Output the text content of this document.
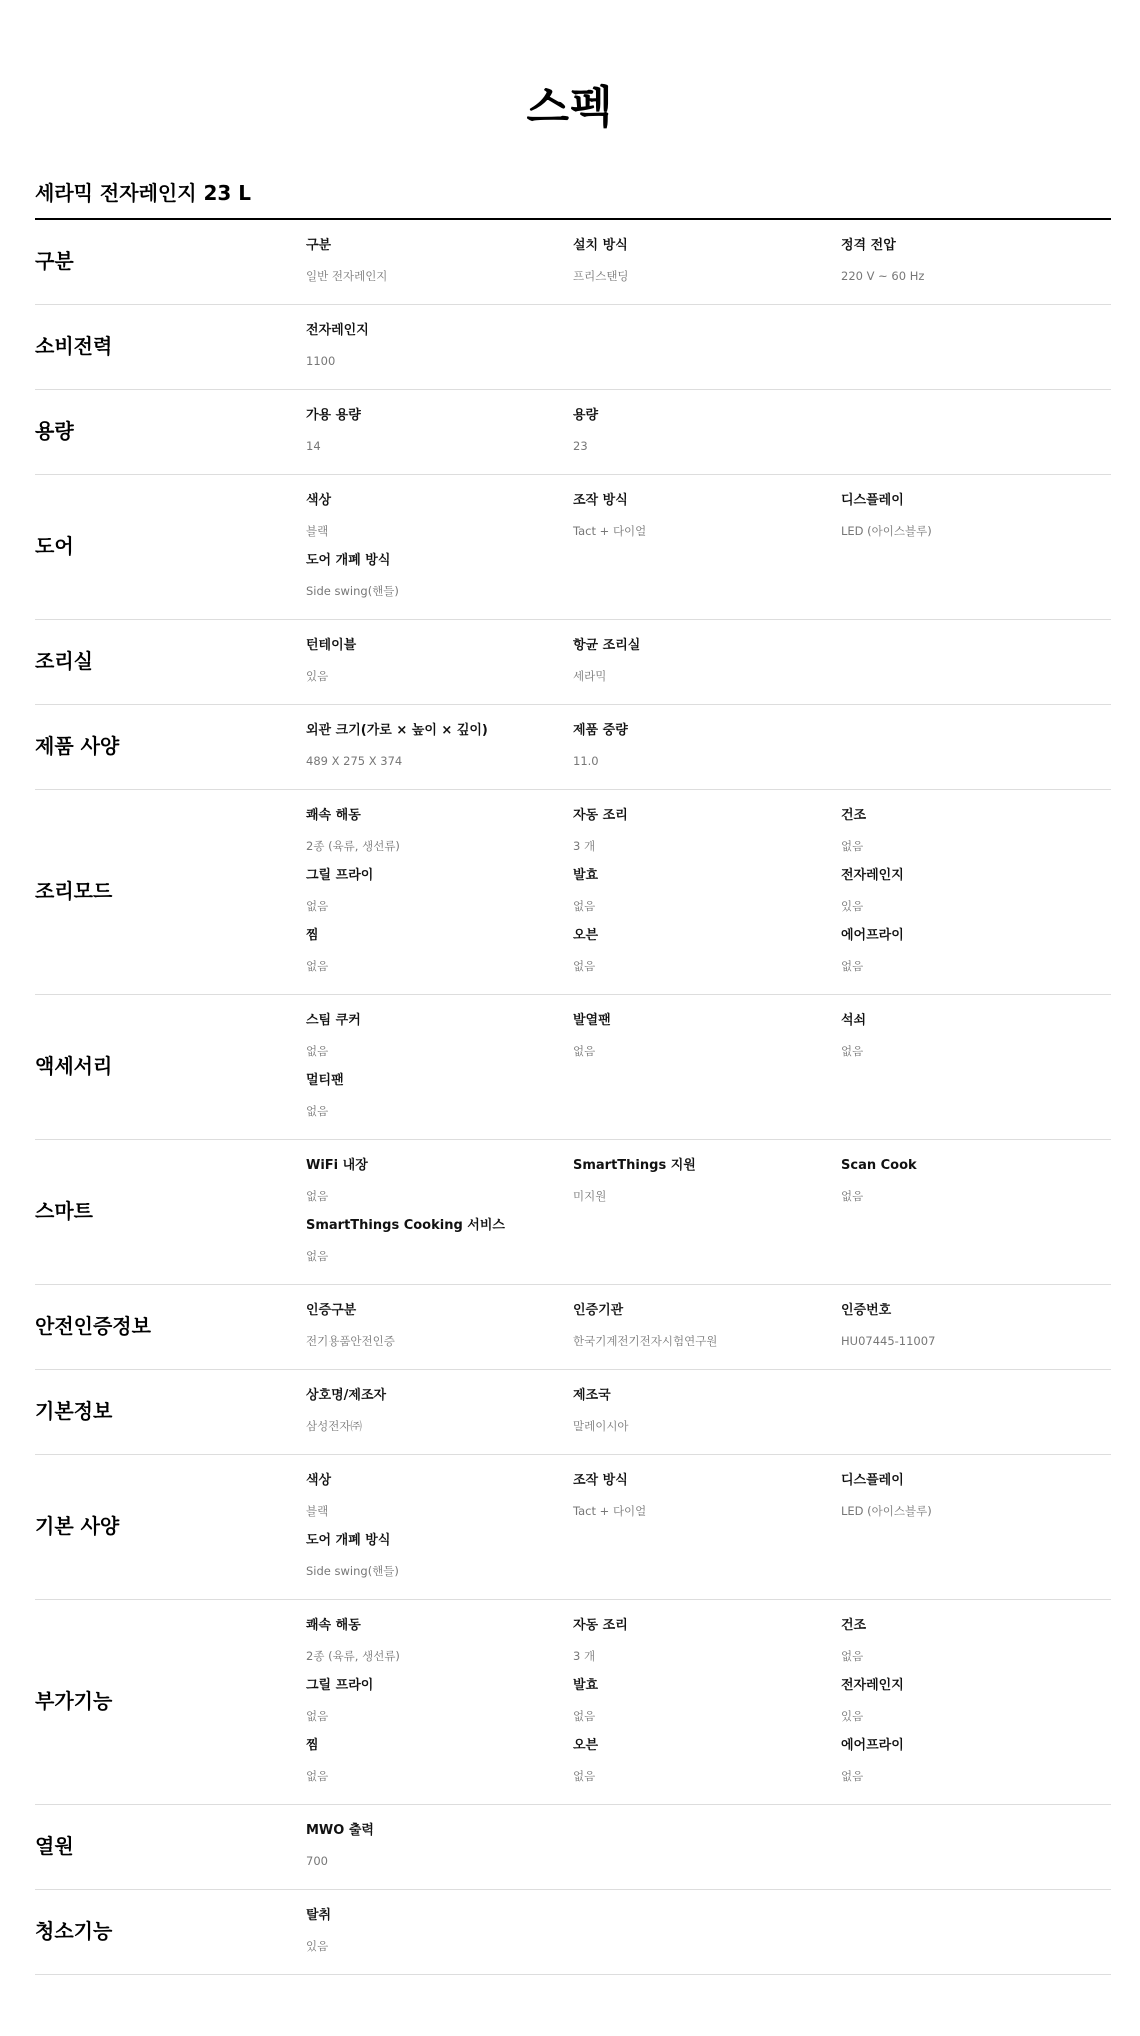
스펙
세라믹 전자레인지 23 L
구분
구분
일반 전자레인지
설치 방식
프리스탠딩
정격 전압
220 V ~ 60 Hz
소비전력
전자레인지
1100
용량
가용 용량
14
용량
23
도어
색상
블랙
조작 방식
Tact + 다이얼
디스플레이
LED (아이스블루)
도어 개폐 방식
Side swing(핸들)
조리실
턴테이블
있음
항균 조리실
세라믹
제품 사양
외관 크기(가로 × 높이 × 깊이)
489 X 275 X 374
제품 중량
11.0
조리모드
쾌속 해동
2종 (육류, 생선류)
자동 조리
3 개
건조
없음
그릴 프라이
없음
발효
없음
전자레인지
있음
찜
없음
오븐
없음
에어프라이
없음
액세서리
스팀 쿠커
없음
발열팬
없음
석쇠
없음
멀티팬
없음
스마트
WiFi 내장
없음
SmartThings 지원
미지원
Scan Cook
없음
SmartThings Cooking 서비스
없음
안전인증정보
인증구분
전기용품안전인증
인증기관
한국기계전기전자시험연구원
인증번호
HU07445-11007
기본정보
상호명/제조자
삼성전자㈜
제조국
말레이시아
기본 사양
색상
블랙
조작 방식
Tact + 다이얼
디스플레이
LED (아이스블루)
도어 개폐 방식
Side swing(핸들)
부가기능
쾌속 해동
2종 (육류, 생선류)
자동 조리
3 개
건조
없음
그릴 프라이
없음
발효
없음
전자레인지
있음
찜
없음
오븐
없음
에어프라이
없음
열원
MWO 출력
700
청소기능
탈취
있음
